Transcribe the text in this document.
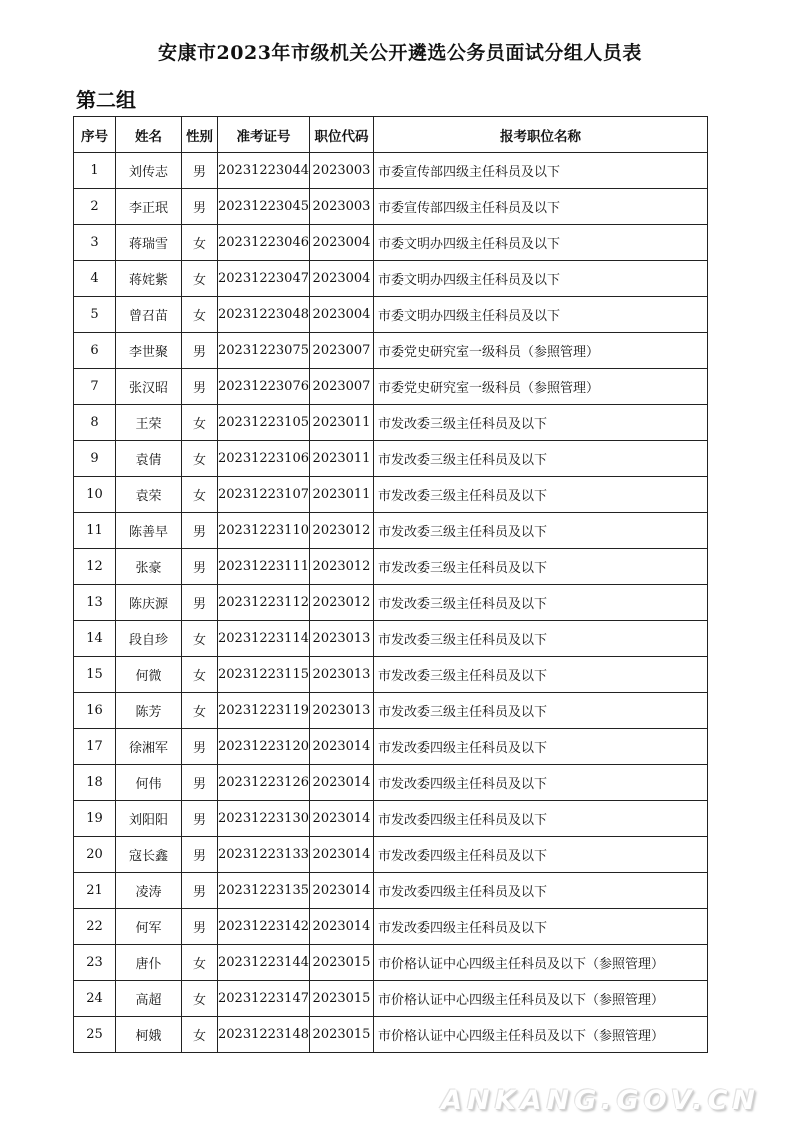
安康市2023年市级机关公开遴选公务员面试分组人员表
第二组
序号	姓名	性别	准考证号	职位代码	报考职位名称
1	刘传志	男	20231223044	2023003	市委宣传部四级主任科员及以下
2	李正珉	男	20231223045	2023003	市委宣传部四级主任科员及以下
3	蒋瑞雪	女	20231223046	2023004	市委文明办四级主任科员及以下
4	蒋姹紫	女	20231223047	2023004	市委文明办四级主任科员及以下
5	曾召苗	女	20231223048	2023004	市委文明办四级主任科员及以下
6	李世聚	男	20231223075	2023007	市委党史研究室一级科员（参照管理）
7	张汉昭	男	20231223076	2023007	市委党史研究室一级科员（参照管理）
8	王荣	女	20231223105	2023011	市发改委三级主任科员及以下
9	袁倩	女	20231223106	2023011	市发改委三级主任科员及以下
10	袁荣	女	20231223107	2023011	市发改委三级主任科员及以下
11	陈善早	男	20231223110	2023012	市发改委三级主任科员及以下
12	张豪	男	20231223111	2023012	市发改委三级主任科员及以下
13	陈庆源	男	20231223112	2023012	市发改委三级主任科员及以下
14	段自珍	女	20231223114	2023013	市发改委三级主任科员及以下
15	何微	女	20231223115	2023013	市发改委三级主任科员及以下
16	陈芳	女	20231223119	2023013	市发改委三级主任科员及以下
17	徐湘军	男	20231223120	2023014	市发改委四级主任科员及以下
18	何伟	男	20231223126	2023014	市发改委四级主任科员及以下
19	刘阳阳	男	20231223130	2023014	市发改委四级主任科员及以下
20	寇长鑫	男	20231223133	2023014	市发改委四级主任科员及以下
21	凌涛	男	20231223135	2023014	市发改委四级主任科员及以下
22	何军	男	20231223142	2023014	市发改委四级主任科员及以下
23	唐仆	女	20231223144	2023015	市价格认证中心四级主任科员及以下（参照管理）
24	高超	女	20231223147	2023015	市价格认证中心四级主任科员及以下（参照管理）
25	柯娥	女	20231223148	2023015	市价格认证中心四级主任科员及以下（参照管理）
ANKANG.GOV.CN
